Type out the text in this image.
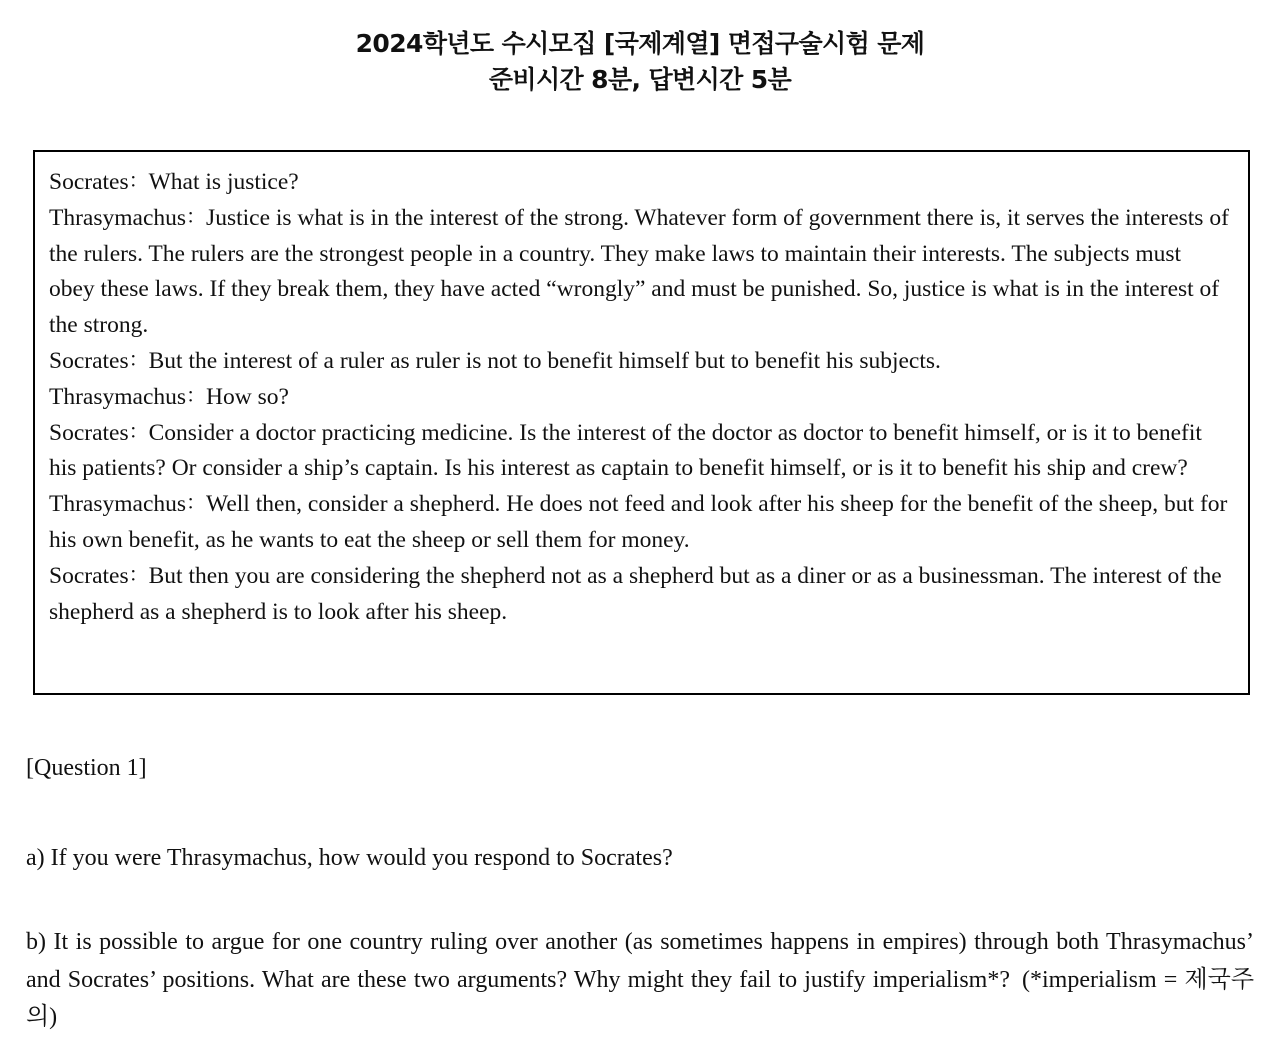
2024학년도 수시모집 [국제계열] 면접구술시험 문제
준비시간 8분, 답변시간 5분

Socrates：What is justice?

Thrasymachus：Justice is what is in the interest of the strong. Whatever form of government there is, it serves the interests of the rulers. The rulers are the strongest people in a country. They make laws to maintain their interests. The subjects must obey these laws. If they break them, they have acted “wrongly” and must be punished. So, justice is what is in the interest of the strong.

Socrates：But the interest of a ruler as ruler is not to benefit himself but to benefit his subjects.

Thrasymachus：How so?

Socrates：Consider a doctor practicing medicine. Is the interest of the doctor as doctor to benefit himself, or is it to benefit his patients? Or consider a ship’s captain. Is his interest as captain to benefit himself, or is it to benefit his ship and crew?

Thrasymachus：Well then, consider a shepherd. He does not feed and look after his sheep for the benefit of the sheep, but for his own benefit, as he wants to eat the sheep or sell them for money.

Socrates：But then you are considering the shepherd not as a shepherd but as a diner or as a businessman. The interest of the shepherd as a shepherd is to look after his sheep.

[Question 1]

a) If you were Thrasymachus, how would you respond to Socrates?

b) It is possible to argue for one country ruling over another (as sometimes happens in empires) through both Thrasymachus’ and Socrates’ positions. What are these two arguments? Why might they fail to justify imperialism*? (*imperialism = 제국주의)
